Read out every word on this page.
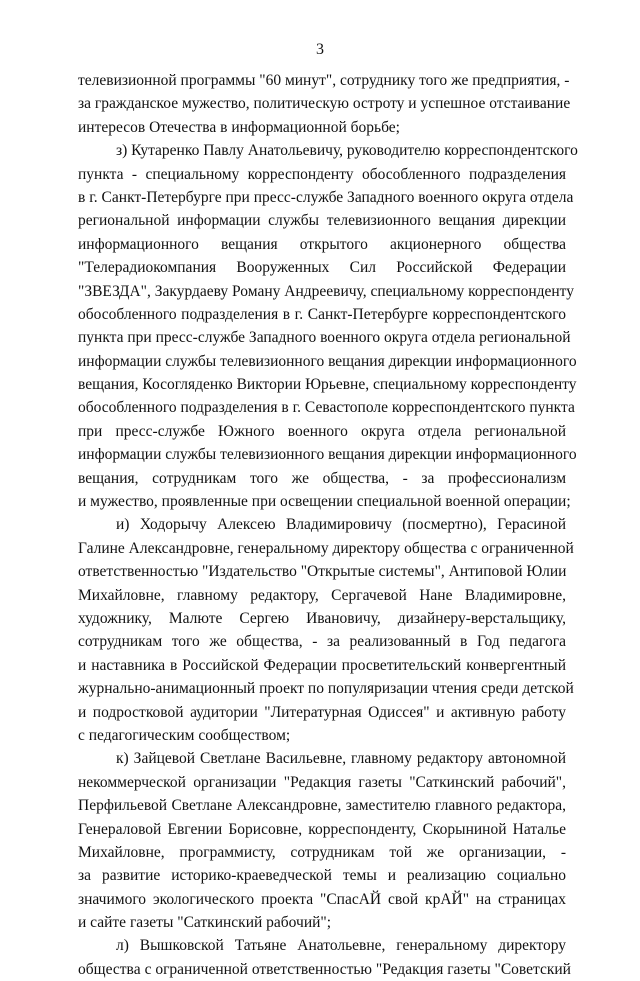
3
телевизионной программы "60 минут", сотруднику того же предприятия, -
за гражданское мужество, политическую остроту и успешное отстаивание
интересов Отечества в информационной борьбе;
з) Кутаренко Павлу Анатольевичу, руководителю корреспондентского
пункта - специальному корреспонденту обособленного подразделения
в г. Санкт-Петербурге при пресс-службе Западного военного округа отдела
региональной информации службы телевизионного вещания дирекции
информационного вещания открытого акционерного общества
"Телерадиокомпания Вооруженных Сил Российской Федерации
"ЗВЕЗДА", Закурдаеву Роману Андреевичу, специальному корреспонденту
обособленного подразделения в г. Санкт-Петербурге корреспондентского
пункта при пресс-службе Западного военного округа отдела региональной
информации службы телевизионного вещания дирекции информационного
вещания, Косогляденко Виктории Юрьевне, специальному корреспонденту
обособленного подразделения в г. Севастополе корреспондентского пункта
при пресс-службе Южного военного округа отдела региональной
информации службы телевизионного вещания дирекции информационного
вещания, сотрудникам того же общества, - за профессионализм
и мужество, проявленные при освещении специальной военной операции;
и) Ходорычу Алексею Владимировичу (посмертно), Герасиной
Галине Александровне, генеральному директору общества с ограниченной
ответственностью "Издательство "Открытые системы", Антиповой Юлии
Михайловне, главному редактору, Сергачевой Нане Владимировне,
художнику, Малюте Сергею Ивановичу, дизайнеру-верстальщику,
сотрудникам того же общества, - за реализованный в Год педагога
и наставника в Российской Федерации просветительский конвергентный
журнально-анимационный проект по популяризации чтения среди детской
и подростковой аудитории "Литературная Одиссея" и активную работу
с педагогическим сообществом;
к) Зайцевой Светлане Васильевне, главному редактору автономной
некоммерческой организации "Редакция газеты "Саткинский рабочий",
Перфильевой Светлане Александровне, заместителю главного редактора,
Генераловой Евгении Борисовне, корреспонденту, Скорыниной Наталье
Михайловне, программисту, сотрудникам той же организации, -
за развитие историко-краеведческой темы и реализацию социально
значимого экологического проекта "СпасАЙ свой крАЙ" на страницах
и сайте газеты "Саткинский рабочий";
л) Вышковской Татьяне Анатольевне, генеральному директору
обществa с ограниченной ответственностью "Редакция газеты "Советский
